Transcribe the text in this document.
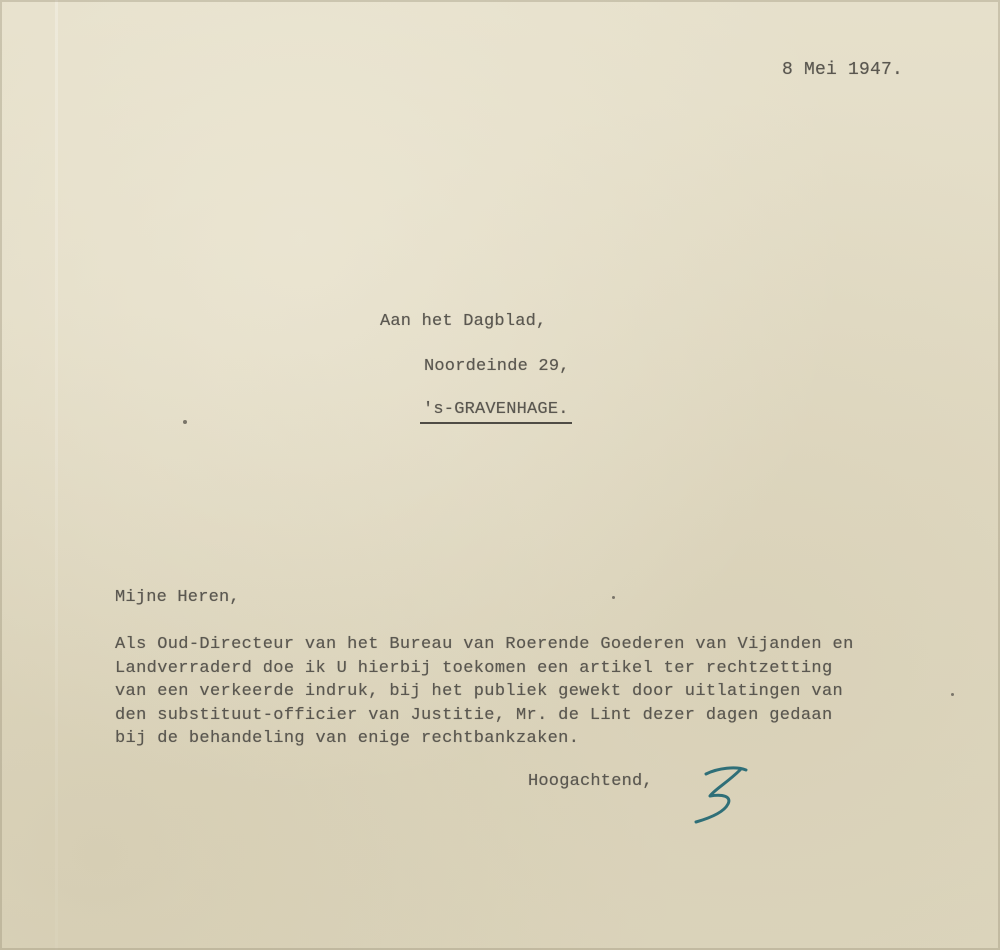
8 Mei 1947.
Aan het Dagblad,
Noordeinde 29,
's-GRAVENHAGE.
Mijne Heren,
Als Oud-Directeur van het Bureau van Roerende Goederen van Vijanden en
Landverraderd doe ik U hierbij toekomen een artikel ter rechtzetting
van een verkeerde indruk, bij het publiek gewekt door uitlatingen van
den substituut-officier van Justitie, Mr. de Lint dezer dagen gedaan
bij de behandeling van enige rechtbankzaken.
Hoogachtend,
